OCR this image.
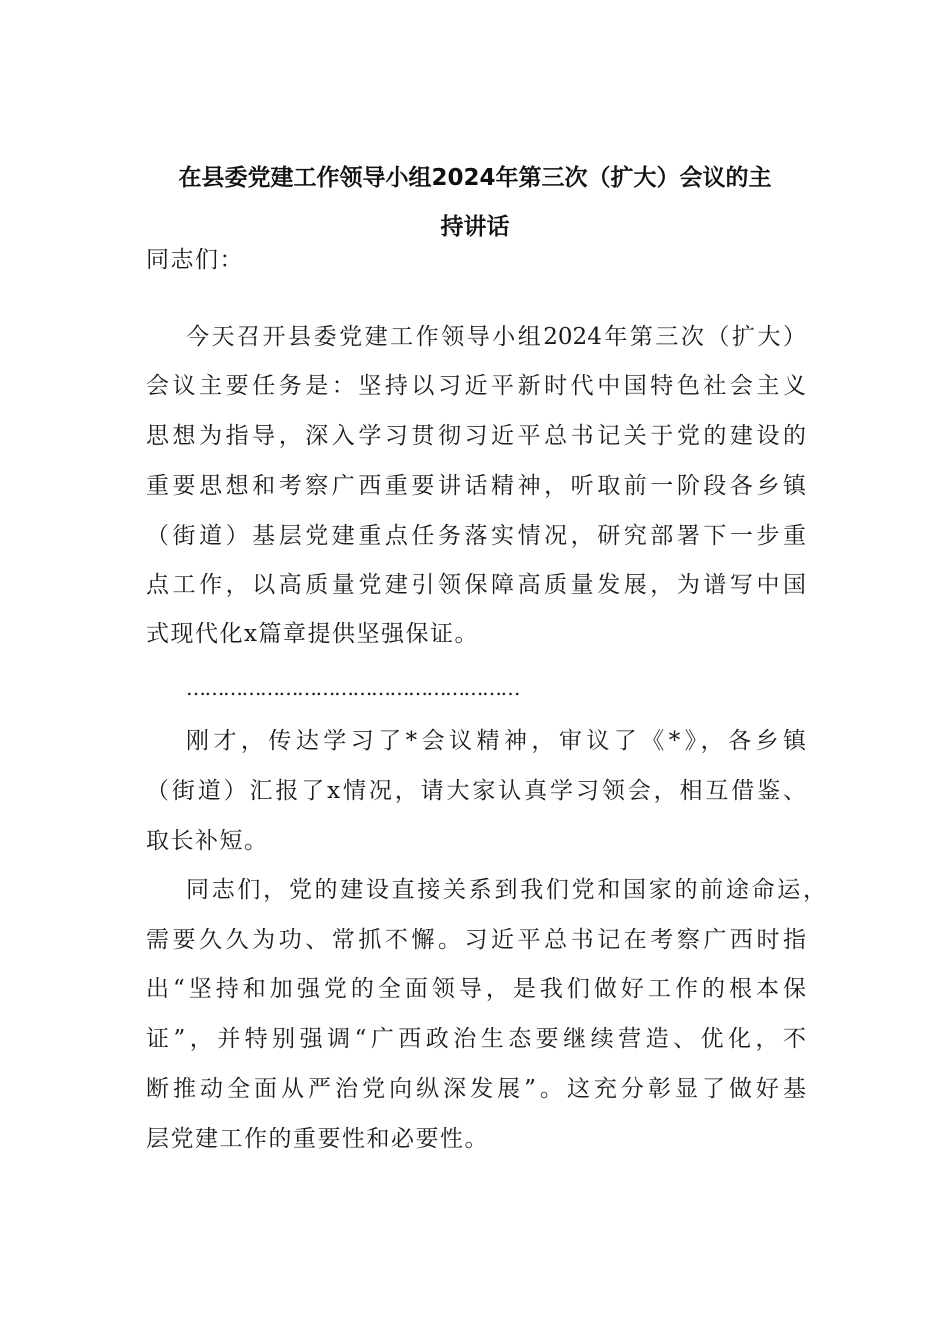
在县委党建工作领导小组2024年第三次（扩大）会议的主
持讲话
同志们：
今天召开县委党建工作领导小组2024年第三次（扩大）
会议主要任务是：坚持以习近平新时代中国特色社会主义
思想为指导，深入学习贯彻习近平总书记关于党的建设的
重要思想和考察广西重要讲话精神，听取前一阶段各乡镇
（街道）基层党建重点任务落实情况，研究部署下一步重
点工作，以高质量党建引领保障高质量发展，为谱写中国
式现代化x篇章提供坚强保证。
………………………………………………
刚才，传达学习了*会议精神，审议了《*》，各乡镇
（街道）汇报了x情况，请大家认真学习领会，相互借鉴、
取长补短。
同志们，党的建设直接关系到我们党和国家的前途命运，
需要久久为功、常抓不懈。习近平总书记在考察广西时指
出“坚持和加强党的全面领导，是我们做好工作的根本保
证”，并特别强调“广西政治生态要继续营造、优化，不
断推动全面从严治党向纵深发展”。这充分彰显了做好基
层党建工作的重要性和必要性。
